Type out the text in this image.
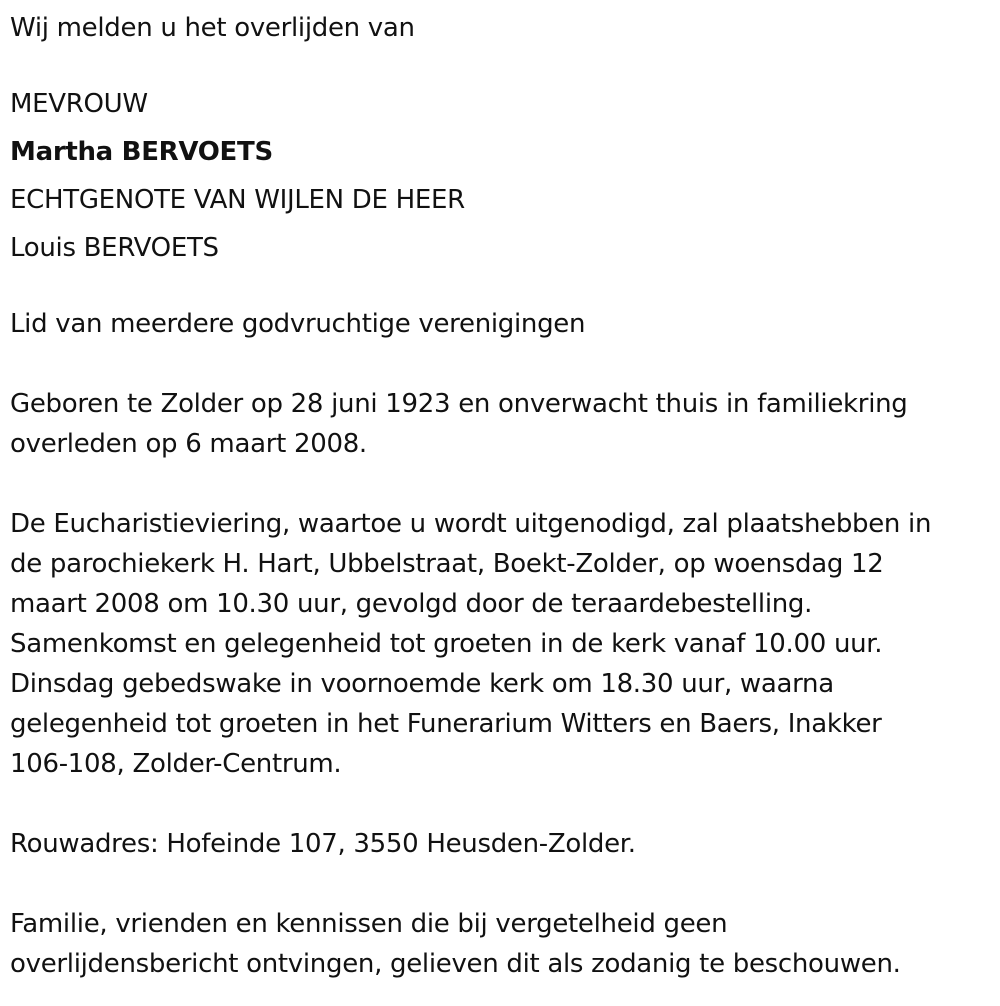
Wij melden u het overlijden van

MEVROUW

Martha BERVOETS

ECHTGENOTE VAN WIJLEN DE HEER

Louis BERVOETS

Lid van meerdere godvruchtige verenigingen

Geboren te Zolder op 28 juni 1923 en onverwacht thuis in familiekring

overleden op 6 maart 2008.

De Eucharistieviering, waartoe u wordt uitgenodigd, zal plaatshebben in

de parochiekerk H. Hart, Ubbelstraat, Boekt-Zolder, op woensdag 12

maart 2008 om 10.30 uur, gevolgd door de teraardebestelling.

Samenkomst en gelegenheid tot groeten in de kerk vanaf 10.00 uur.

Dinsdag gebedswake in voornoemde kerk om 18.30 uur, waarna

gelegenheid tot groeten in het Funerarium Witters en Baers, Inakker

106-108, Zolder-Centrum.

Rouwadres: Hofeinde 107, 3550 Heusden-Zolder.

Familie, vrienden en kennissen die bij vergetelheid geen

overlijdensbericht ontvingen, gelieven dit als zodanig te beschouwen.
